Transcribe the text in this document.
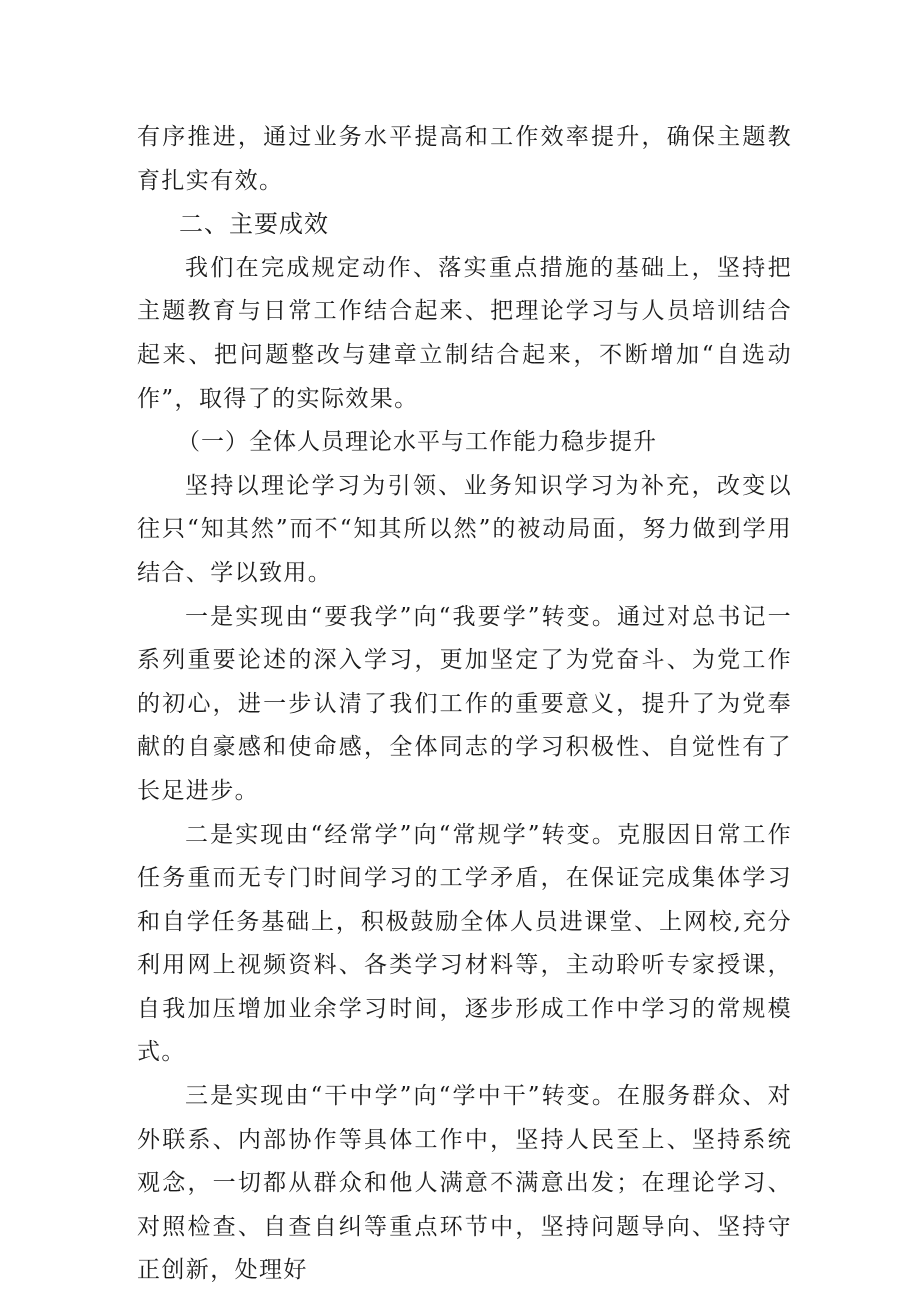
有序推进，通过业务水平提高和工作效率提升，确保主题教育扎实有效。

二、主要成效

我们在完成规定动作、落实重点措施的基础上，坚持把主题教育与日常工作结合起来、把理论学习与人员培训结合起来、把问题整改与建章立制结合起来，不断增加“自选动作”，取得了的实际效果。

（一）全体人员理论水平与工作能力稳步提升

坚持以理论学习为引领、业务知识学习为补充，改变以往只“知其然”而不“知其所以然”的被动局面，努力做到学用结合、学以致用。

一是实现由“要我学”向“我要学”转变。通过对总书记一系列重要论述的深入学习，更加坚定了为党奋斗、为党工作的初心，进一步认清了我们工作的重要意义，提升了为党奉献的自豪感和使命感，全体同志的学习积极性、自觉性有了长足进步。

二是实现由“经常学”向“常规学”转变。克服因日常工作任务重而无专门时间学习的工学矛盾，在保证完成集体学习和自学任务基础上，积极鼓励全体人员进课堂、上网校,充分利用网上视频资料、各类学习材料等，主动聆听专家授课，自我加压增加业余学习时间，逐步形成工作中学习的常规模式。

三是实现由“干中学”向“学中干”转变。在服务群众、对外联系、内部协作等具体工作中，坚持人民至上、坚持系统观念，一切都从群众和他人满意不满意出发；在理论学习、对照检查、自查自纠等重点环节中，坚持问题导向、坚持守正创新，处理好
